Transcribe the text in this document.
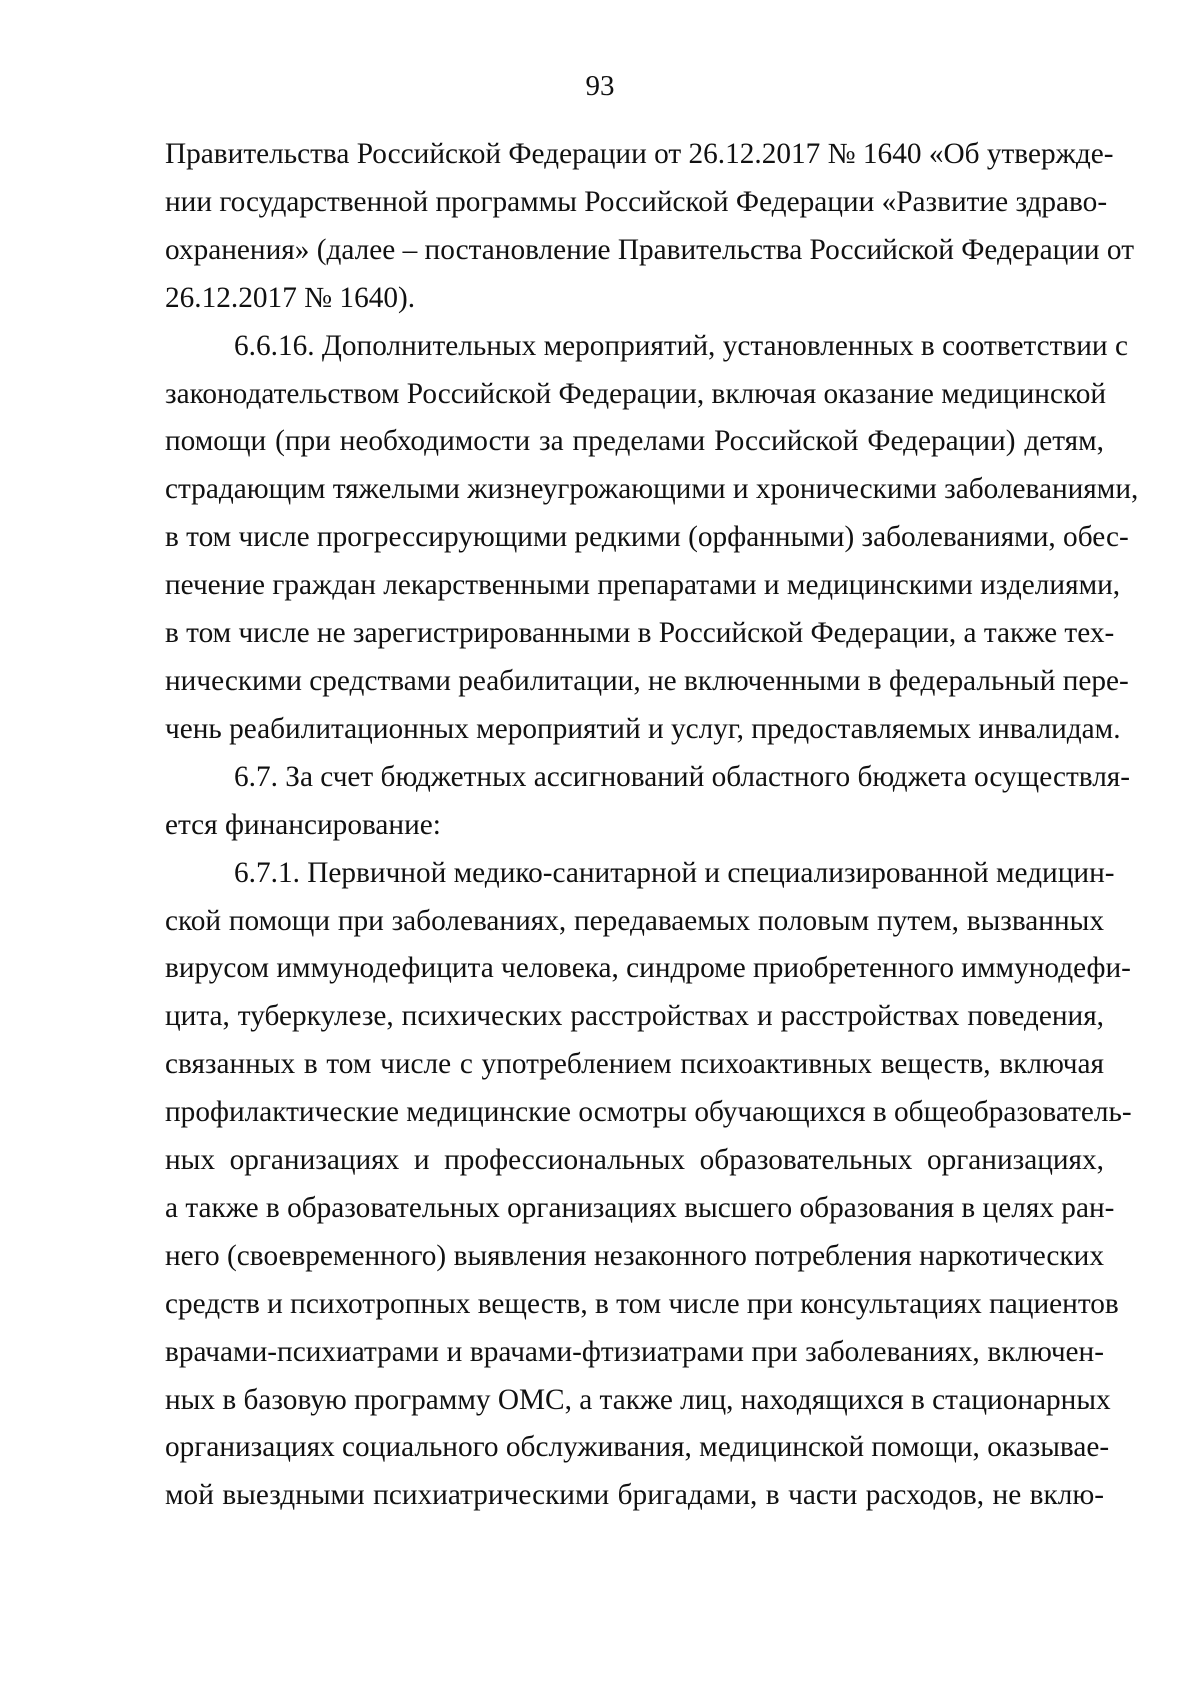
93
Правительства Российской Федерации от 26.12.2017 № 1640 «Об утвержде-
нии государственной программы Российской Федерации «Развитие здраво-
охранения» (далее – постановление Правительства Российской Федерации от
26.12.2017 № 1640).
6.6.16. Дополнительных мероприятий, установленных в соответствии с
законодательством Российской Федерации, включая оказание медицинской
помощи (при необходимости за пределами Российской Федерации) детям,
страдающим тяжелыми жизнеугрожающими и хроническими заболеваниями,
в том числе прогрессирующими редкими (орфанными) заболеваниями, обес-
печение граждан лекарственными препаратами и медицинскими изделиями,
в том числе не зарегистрированными в Российской Федерации, а также тех-
ническими средствами реабилитации, не включенными в федеральный пере-
чень реабилитационных мероприятий и услуг, предоставляемых инвалидам.
6.7. За счет бюджетных ассигнований областного бюджета осуществля-
ется финансирование:
6.7.1. Первичной медико-санитарной и специализированной медицин-
ской помощи при заболеваниях, передаваемых половым путем, вызванных
вирусом иммунодефицита человека, синдроме приобретенного иммунодефи-
цита, туберкулезе, психических расстройствах и расстройствах поведения,
связанных в том числе с употреблением психоактивных веществ, включая
профилактические медицинские осмотры обучающихся в общеобразователь-
ных организациях и профессиональных образовательных организациях,
а также в образовательных организациях высшего образования в целях ран-
него (своевременного) выявления незаконного потребления наркотических
средств и психотропных веществ, в том числе при консультациях пациентов
врачами-психиатрами и врачами-фтизиатрами при заболеваниях, включен-
ных в базовую программу ОМС, а также лиц, находящихся в стационарных
организациях социального обслуживания, медицинской помощи, оказывае-
мой выездными психиатрическими бригадами, в части расходов, не вклю-
